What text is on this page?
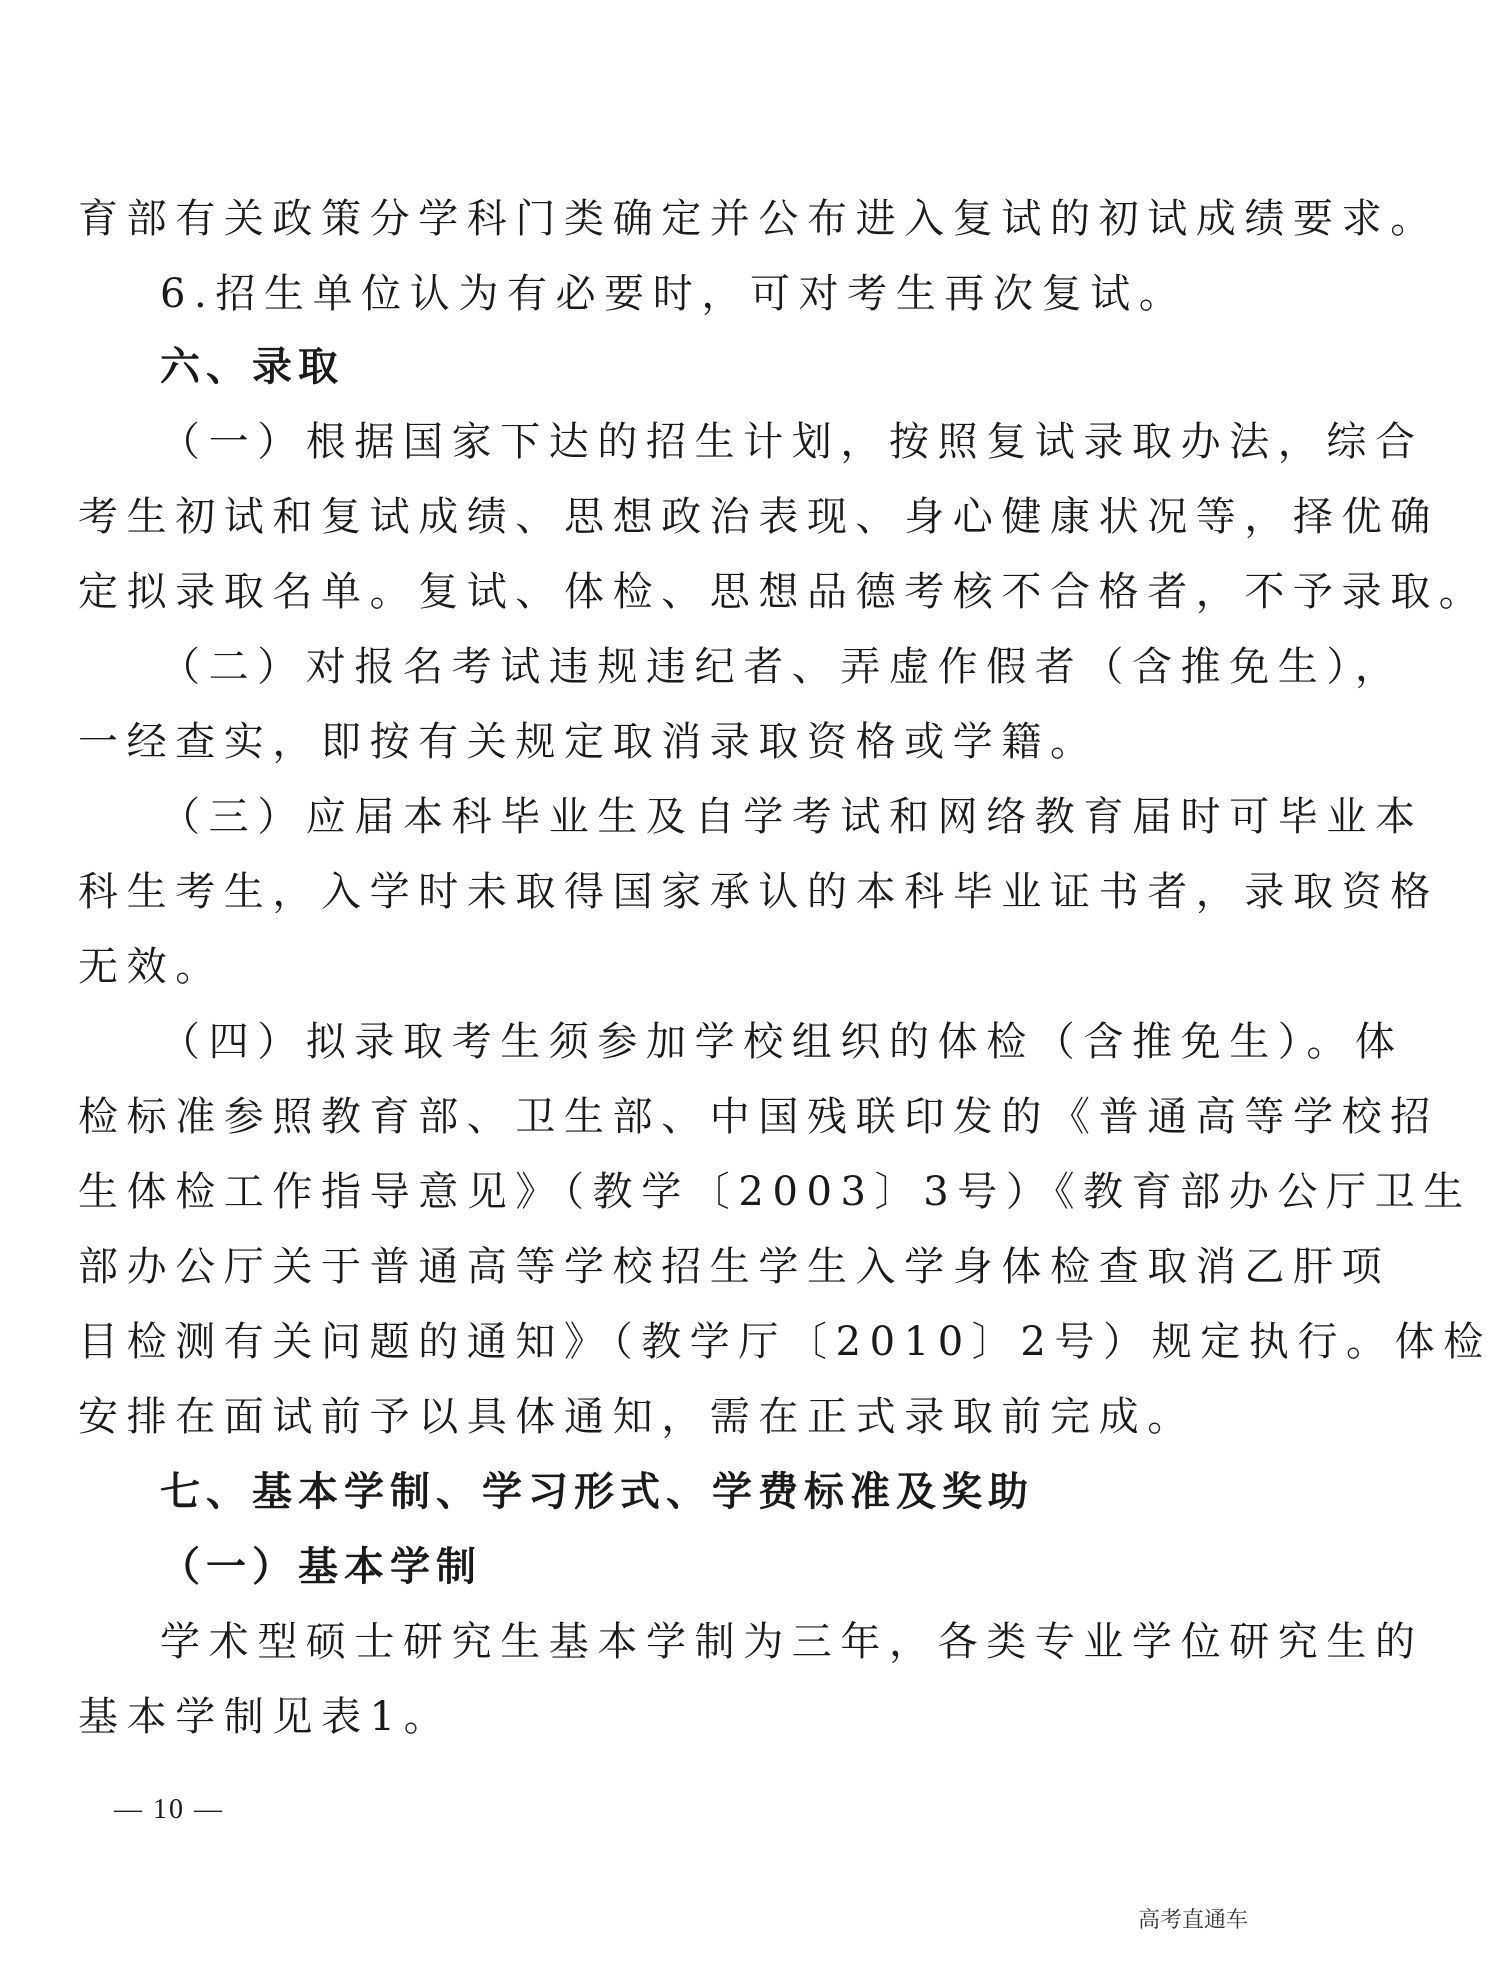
育部有关政策分学科门类确定并公布进入复试的初试成绩要求。
6.招生单位认为有必要时，可对考生再次复试。
六、录取
（一）根据国家下达的招生计划，按照复试录取办法，综合
考生初试和复试成绩、思想政治表现、身心健康状况等，择优确
定拟录取名单。复试、体检、思想品德考核不合格者，不予录取。
（二）对报名考试违规违纪者、弄虚作假者（含推免生），
一经查实，即按有关规定取消录取资格或学籍。
（三）应届本科毕业生及自学考试和网络教育届时可毕业本
科生考生，入学时未取得国家承认的本科毕业证书者，录取资格
无效。
（四）拟录取考生须参加学校组织的体检（含推免生）。体
检标准参照教育部、卫生部、中国残联印发的《普通高等学校招
生体检工作指导意见》（教学〔2003〕3号）《教育部办公厅卫生
部办公厅关于普通高等学校招生学生入学身体检查取消乙肝项
目检测有关问题的通知》（教学厅〔2010〕2号）规定执行。体检
安排在面试前予以具体通知，需在正式录取前完成。
七、基本学制、学习形式、学费标准及奖助
（一）基本学制
学术型硕士研究生基本学制为三年，各类专业学位研究生的
基本学制见表1。
— 10 —
高考直通车
